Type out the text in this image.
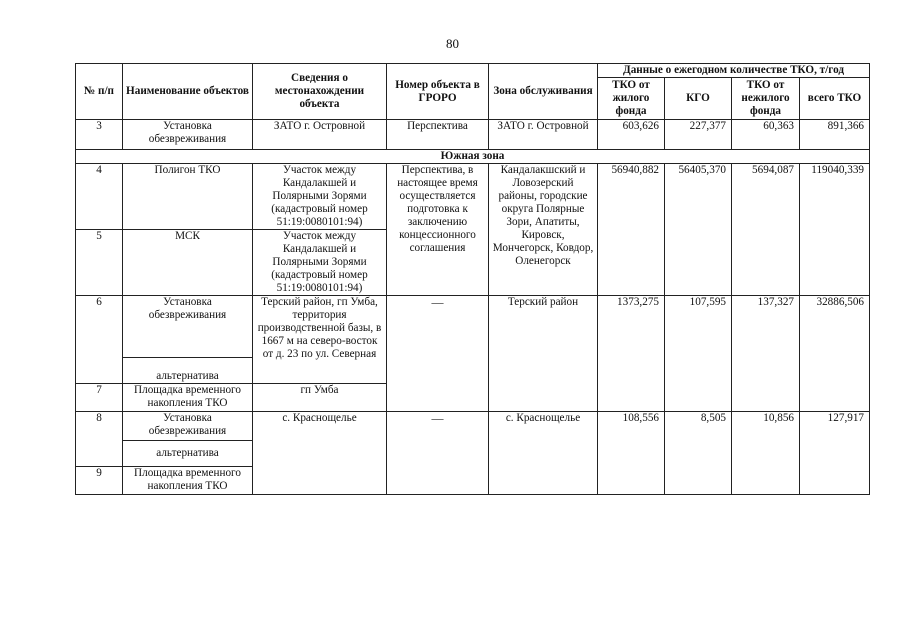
80
№ п/п	Наименование объектов	Сведения о местонахождении объекта	Номер объекта в ГРОРО	Зона обслуживания	Данные о ежегодном количестве ТКО, т/год			
					ТКО от жилого фонда	КГО	ТКО от нежилого фонда	всего ТКО
3	Установка обезвреживания	ЗАТО г. Островной	Перспектива	ЗАТО г. Островной	603,626	227,377	60,363	891,366
Южная зона								
4	Полигон ТКО	Участок между Кандалакшей и Полярными Зорями (кадастровый номер 51:19:0080101:94)	Перспектива, в настоящее время осуществляется подготовка к заключению концессионного соглашения	Кандалакшский и Ловозерский районы, городские округа Полярные Зори, Апатиты, Кировск, Мончегорск, Ковдор, Оленегорск	56940,882	56405,370	5694,087	119040,339
5	МСК	Участок между Кандалакшей и Полярными Зорями (кадастровый номер 51:19:0080101:94)						
6	Установка обезвреживания	Терский район, гп Умба, территория производственной базы, в 1667 м на северо-восток от д. 23 по ул. Северная	—	Терский район	1373,275	107,595	137,327	32886,506
	альтернатива							
7	Площадка временного накопления ТКО	гп Умба						
8	Установка обезвреживания	с. Краснощелье	—	с. Краснощелье	108,556	8,505	10,856	127,917
	альтернатива							
9	Площадка временного накопления ТКО							
